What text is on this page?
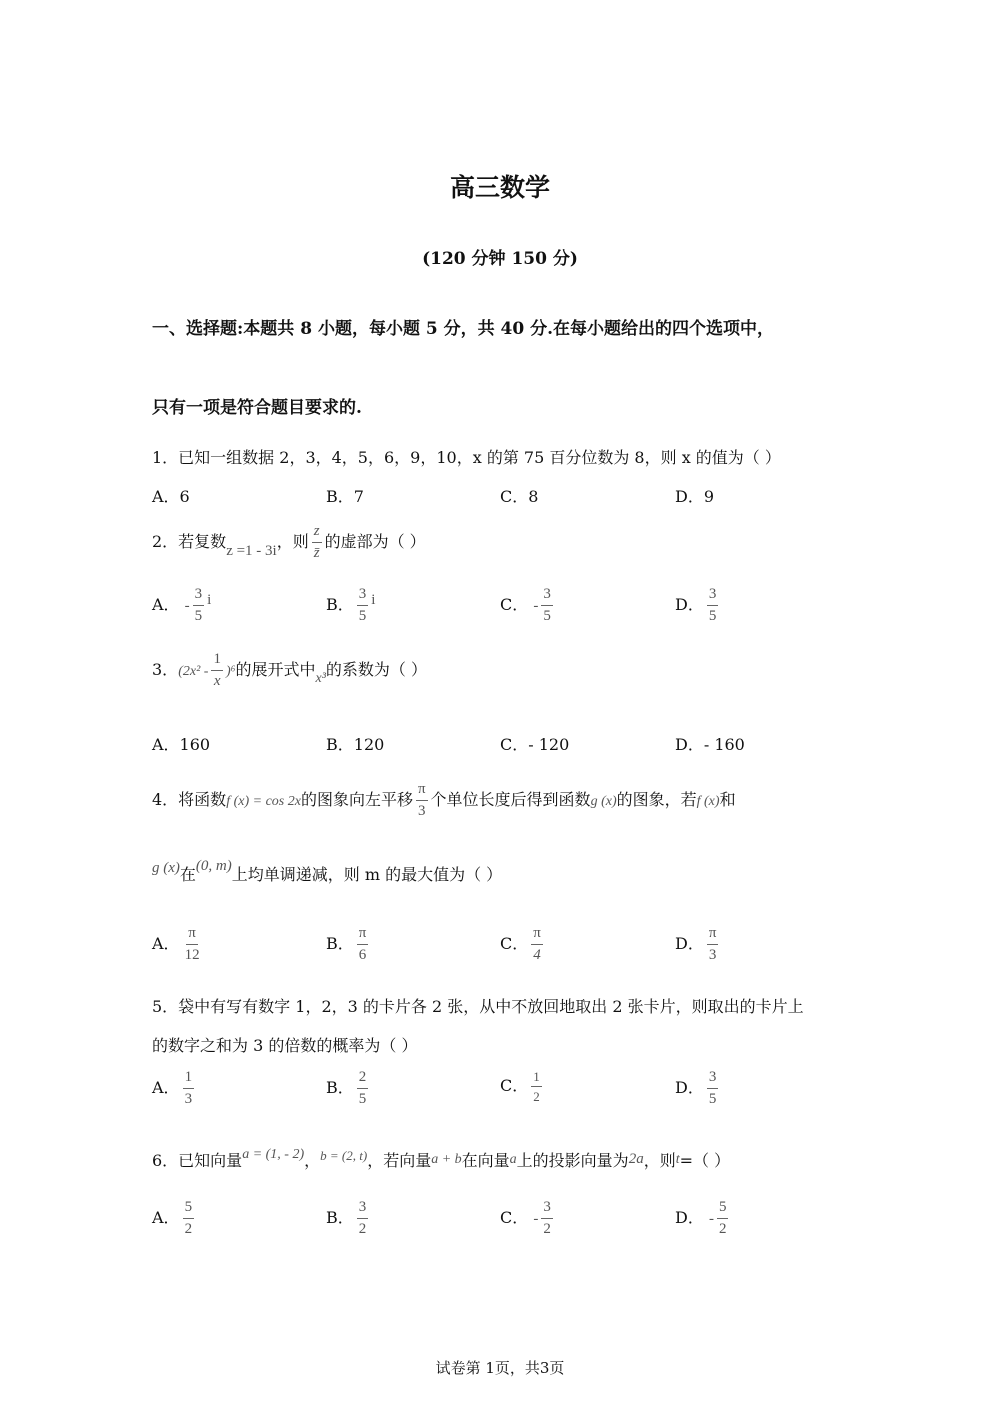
高三数学
(120 分钟 150 分)
一、选择题:本题共 8 小题，每小题 5 分，共 40 分.在每小题给出的四个选项中，
只有一项是符合题目要求的.
1．已知一组数据 2，3，4，5，6，9，10，x 的第 75 百分位数为 8，则 x 的值为（ ）
A．6	B．7	C．8	D．9
2．若复数z =1 - 3i，则 $\frac{z}{z̄}$ 的虚部为（ ）
A． - $\frac{3}{5}$ i	B． $\frac{3}{5}$ i	C． - $\frac{3}{5}$	D． $\frac{3}{5}$
3．$(2x^2 - \frac{1}{x} )^6$的展开式中x³的系数为（ ）
A．160	B．120	C．- 120	D．- 160
4．将函数f (x) = cos 2x的图象向左平移 $\frac{\pi}{3}$ 个单位长度后得到函数g (x)的图象，若f (x)和
g (x)在(0, m)上均单调递减，则 m 的最大值为（ ）
A． $\frac{\pi}{12}$	B． $\frac{\pi}{6}$	C． $\frac{\pi}{4}$	D． $\frac{\pi}{3}$
5．袋中有写有数字 1，2，3 的卡片各 2 张，从中不放回地取出 2 张卡片，则取出的卡片上
的数字之和为 3 的倍数的概率为（ ）
A． $\frac{1}{3}$	B． $\frac{2}{5}$	C． $\frac{1}{2}$	D． $\frac{3}{5}$
6．已知向量a = (1, - 2)，$^{b = (2, t)}$，若向量a + b在向量a上的投影向量为2a，则t=（ ）
A． $\frac{5}{2}$	B． $\frac{3}{2}$	C． - $\frac{3}{2}$	D． - $\frac{5}{2}$
试卷第 1页，共3页
